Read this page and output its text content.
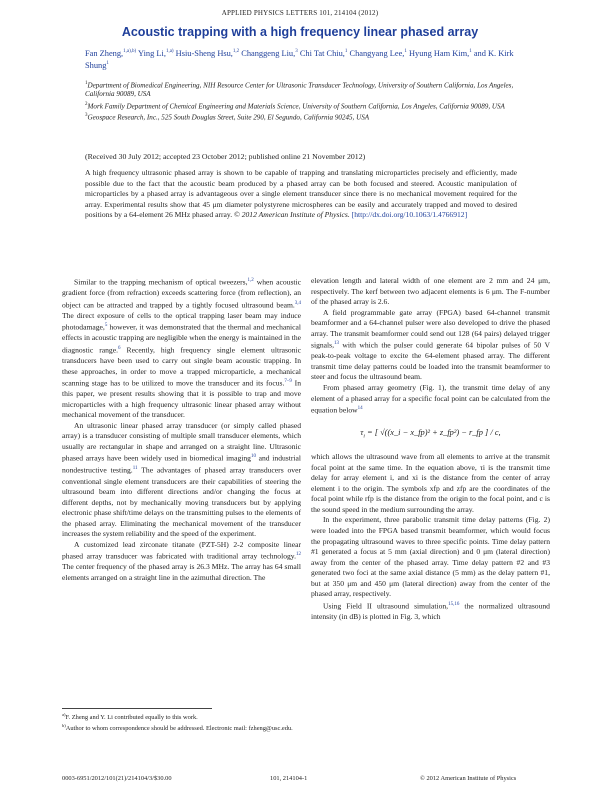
APPLIED PHYSICS LETTERS 101, 214104 (2012)
Acoustic trapping with a high frequency linear phased array
Fan Zheng,$^{1,a),b)}$ Ying Li,$^{1,a)}$ Hsiu-Sheng Hsu,$^{1,2}$ Changgeng Liu,$^3$ Chi Tat Chiu,$^1$ Changyang Lee,$^1$ Hyung Ham Kim,$^1$ and K. Kirk Shung$^1$
$^1$Department of Biomedical Engineering, NIH Resource Center for Ultrasonic Transducer Technology, University of Southern California, Los Angeles, California 90089, USA
$^2$Mork Family Department of Chemical Engineering and Materials Science, University of Southern California, Los Angeles, California 90089, USA
$^3$Geospace Research, Inc., 525 South Douglas Street, Suite 290, El Segundo, California 90245, USA
(Received 30 July 2012; accepted 23 October 2012; published online 21 November 2012)
A high frequency ultrasonic phased array is shown to be capable of trapping and translating microparticles precisely and efficiently, made possible due to the fact that the acoustic beam produced by a phased array can be both focused and steered. Acoustic manipulation of microparticles by a phased array is advantageous over a single element transducer since there is no mechanical movement required for the array. Experimental results show that 45 μm diameter polystyrene microspheres can be easily and accurately trapped and moved to desired positions by a 64-element 26 MHz phased array. © 2012 American Institute of Physics. [http://dx.doi.org/10.1063/1.4766912]

Similar to the trapping mechanism of optical tweezers,$^{1,2}$ when acoustic gradient force (from refraction) exceeds scattering force (from reflection), an object can be attracted and trapped by a tightly focused ultrasound beam.$^{3,4}$ The direct exposure of cells to the optical trapping laser beam may induce photodamage,$^5$ however, it was demonstrated that the thermal and mechanical effects in acoustic trapping are negligible when the energy is maintained in the diagnostic range.$^6$ Recently, high frequency single element ultrasonic transducers have been used to carry out single beam acoustic trapping. In these approaches, in order to move a trapped microparticle, a mechanical scanning stage has to be utilized to move the transducer and its focus.$^{7-9}$ In this paper, we present results showing that it is possible to trap and move microparticles with a high frequency ultrasonic linear phased array without mechanical movement of the transducer.

An ultrasonic linear phased array transducer (or simply called phased array) is a transducer consisting of multiple small transducer elements, which usually are rectangular in shape and arranged on a straight line. Ultrasonic phased arrays have been widely used in biomedical imaging$^{10}$ and industrial nondestructive testing.$^{11}$ The advantages of phased array transducers over conventional single element transducers are their capabilities of steering the ultrasound beam into different directions and/or changing the focus at different depths, not by mechanically moving transducers but by applying electronic phase shift/time delays on the transmitting pulses to the elements of the phased array. Eliminating the mechanical movement of the transducer increases the system reliability and the speed of the experiment.

A customized lead zirconate titanate (PZT-5H) 2-2 composite linear phased array transducer was fabricated with traditional array technology.$^{12}$ The center frequency of the phased array is 26.3 MHz. The array has 64 small elements arranged on a straight line in the azimuthal direction. The

elevation length and lateral width of one element are 2 mm and 24 μm, respectively. The kerf between two adjacent elements is 6 μm. The F-number of the phased array is 2.6.

A field programmable gate array (FPGA) based 64-channel transmit beamformer and a 64-channel pulser were also developed to drive the phased array. The transmit beamformer could send out 128 (64 pairs) delayed trigger signals,$^{13}$ with which the pulser could generate 64 bipolar pulses of 50 V peak-to-peak voltage to excite the 64-element phased array. The different transmit time delay patterns could be loaded into the transmit beamformer to steer and focus the ultrasound beam.

From phased array geometry (Fig. 1), the transmit time delay of any element of a phased array for a specific focal point can be calculated from the equation below$^{14}$

$\tau_i$ = [ √((x_i − x_fp)² + z_fp²) − r_fp ] / c,

which allows the ultrasound wave from all elements to arrive at the transmit focal point at the same time. In the equation above, τi is the transmit time delay for array element i, and xi is the distance from the center of array element i to the origin. The symbols xfp and zfp are the coordinates of the focal point while rfp is the distance from the origin to the focal point, and c is the sound speed in the medium surrounding the array.

In the experiment, three parabolic transmit time delay patterns (Fig. 2) were loaded into the FPGA based transmit beamformer, which would focus the propagating ultrasound waves to three specific points. Time delay pattern #1 generated a focus at 5 mm (axial direction) and 0 μm (lateral direction) away from the center of the phased array. Time delay pattern #2 and #3 generated two foci at the same axial distance (5 mm) as the delay pattern #1, but at 350 μm and 450 μm (lateral direction) away from the center of the phased array, respectively.

Using Field II ultrasound simulation,$^{15,16}$ the normalized ultrasound intensity (in dB) is plotted in Fig. 3, which

$^{a)}$F. Zheng and Y. Li contributed equally to this work.
$^{b)}$Author to whom correspondence should be addressed. Electronic mail: fzheng@usc.edu.
0003-6951/2012/101(21)/214104/3/$30.00	101, 214104-1	© 2012 American Institute of Physics
